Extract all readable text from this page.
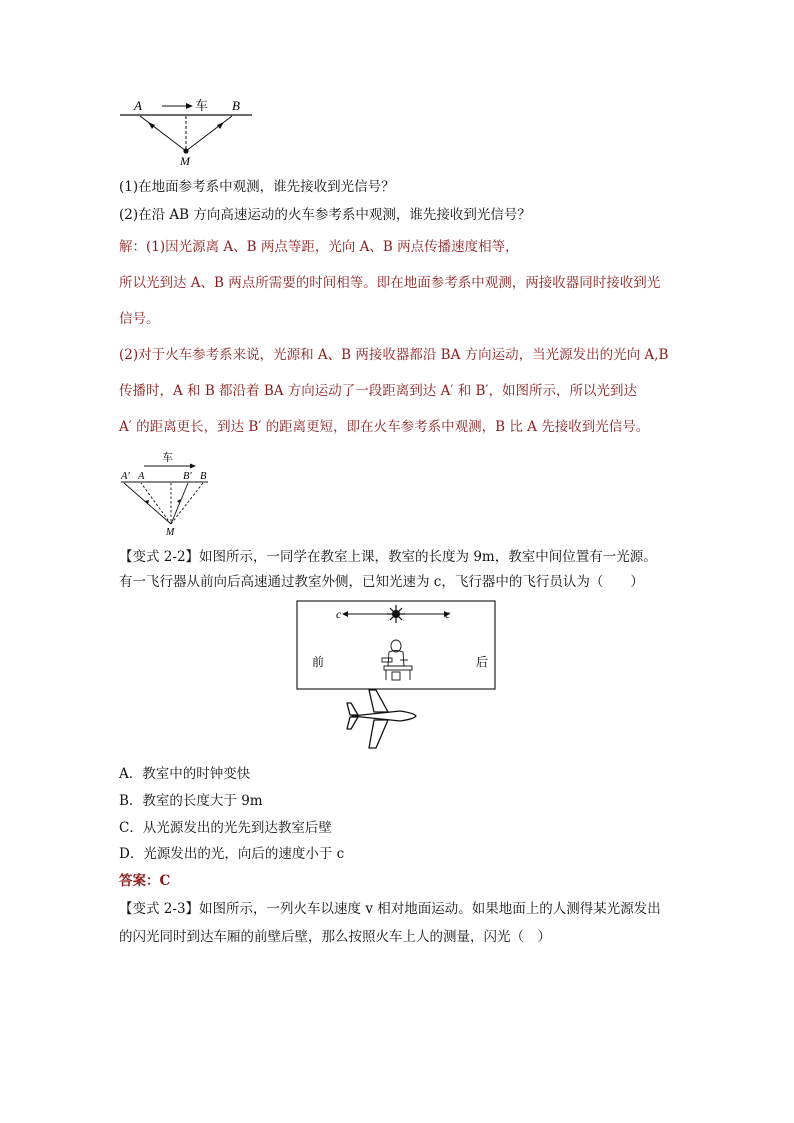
A	车 B
M
(1)在地面参考系中观测，谁先接收到光信号？
(2)在沿 AB 方向高速运动的火车参考系中观测，谁先接收到光信号？
解：(1)因光源离 A、B 两点等距，光向 A、B 两点传播速度相等，
所以光到达 A、B 两点所需要的时间相等。即在地面参考系中观测，两接收器同时接收到光
信号。
(2)对于火车参考系来说，光源和 A、B 两接收器都沿 BA 方向运动，当光源发出的光向 A,B
传播时，A 和 B 都沿着 BA 方向运动了一段距离到达 A′ 和 B′，如图所示，所以光到达
A′ 的距离更长，到达 B′ 的距离更短，即在火车参考系中观测，B 比 A 先接收到光信号。
车
A′ A	B′ B
M
【变式 2-2】如图所示，一同学在教室上课，教室的长度为 9m，教室中间位置有一光源。
有一飞行器从前向后高速通过教室外侧，已知光速为 c，飞行器中的飞行员认为（　　）
c	c
前	后
A．教室中的时钟变快
B．教室的长度大于 9m
C．从光源发出的光先到达教室后壁
D．光源发出的光，向后的速度小于 c
答案：C
【变式 2-3】如图所示，一列火车以速度 v 相对地面运动。如果地面上的人测得某光源发出
的闪光同时到达车厢的前壁后壁，那么按照火车上人的测量，闪光（　）
